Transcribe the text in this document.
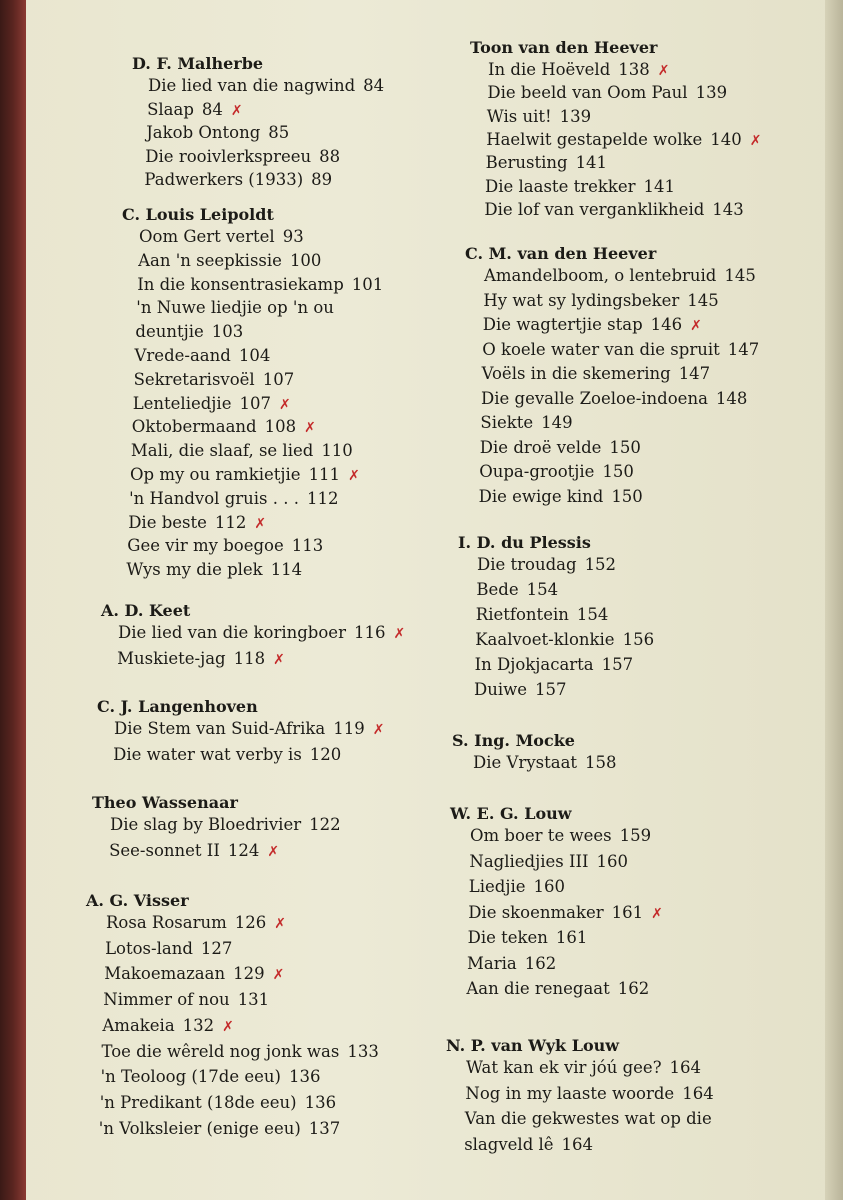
D. F. Malherbe
Die lied van die nagwind 84
Slaap 84 ✗
Jakob Ontong 85
Die rooivlerkspreeu 88
Padwerkers (1933) 89
C. Louis Leipoldt
Oom Gert vertel 93
Aan 'n seepkissie 100
In die konsentrasiekamp 101
'n Nuwe liedjie op 'n ou
deuntjie 103
Vrede-aand 104
Sekretarisvoël 107
Lenteliedjie 107 ✗
Oktobermaand 108 ✗
Mali, die slaaf, se lied 110
Op my ou ramkietjie 111 ✗
'n Handvol gruis . . . 112
Die beste 112 ✗
Gee vir my boegoe 113
Wys my die plek 114
A. D. Keet
Die lied van die koringboer 116 ✗
Muskiete-jag 118 ✗
C. J. Langenhoven
Die Stem van Suid-Afrika 119 ✗
Die water wat verby is 120
Theo Wassenaar
Die slag by Bloedrivier 122
See-sonnet II 124 ✗
A. G. Visser
Rosa Rosarum 126 ✗
Lotos-land 127
Makoemazaan 129 ✗
Nimmer of nou 131
Amakeia 132 ✗
Toe die wêreld nog jonk was 133
'n Teoloog (17de eeu) 136
'n Predikant (18de eeu) 136
'n Volksleier (enige eeu) 137
Toon van den Heever
In die Hoëveld 138 ✗
Die beeld van Oom Paul 139
Wis uit! 139
Haelwit gestapelde wolke 140 ✗
Berusting 141
Die laaste trekker 141
Die lof van verganklikheid 143
C. M. van den Heever
Amandelboom, o lentebruid 145
Hy wat sy lydingsbeker 145
Die wagtertjie stap 146 ✗
O koele water van die spruit 147
Voëls in die skemering 147
Die gevalle Zoeloe-indoena 148
Siekte 149
Die droë velde 150
Oupa-grootjie 150
Die ewige kind 150
I. D. du Plessis
Die troudag 152
Bede 154
Rietfontein 154
Kaalvoet-klonkie 156
In Djokjacarta 157
Duiwe 157
S. Ing. Mocke
Die Vrystaat 158
W. E. G. Louw
Om boer te wees 159
Nagliedjies III 160
Liedjie 160
Die skoenmaker 161 ✗
Die teken 161
Maria 162
Aan die renegaat 162
N. P. van Wyk Louw
Wat kan ek vir jóú gee? 164
Nog in my laaste woorde 164
Van die gekwestes wat op die
slagveld lê 164
